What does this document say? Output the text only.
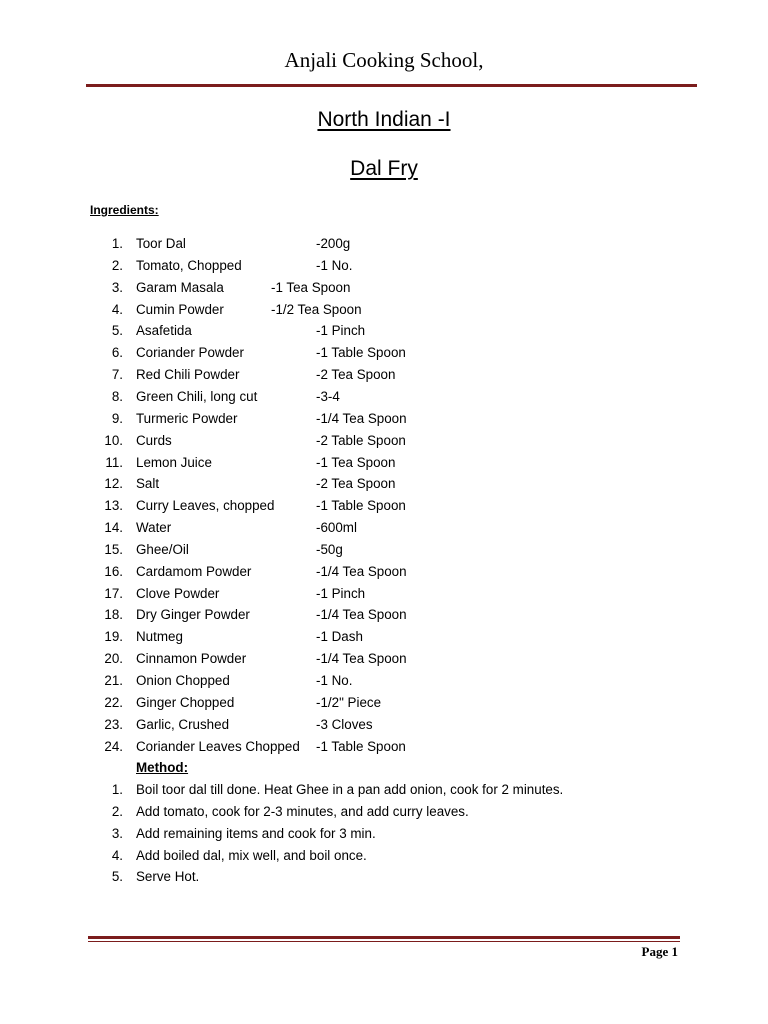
Anjali Cooking School,
North Indian -I
Dal Fry
Ingredients:
1. Toor Dal	-200g
2. Tomato, Chopped	-1 No.
3. Garam Masala	-1 Tea Spoon
4. Cumin Powder	-1/2 Tea Spoon
5. Asafetida	-1 Pinch
6. Coriander Powder	-1 Table Spoon
7. Red Chili Powder	-2 Tea Spoon
8. Green Chili, long cut	-3-4
9. Turmeric Powder	-1/4 Tea Spoon
10. Curds	-2 Table Spoon
11. Lemon Juice	-1 Tea Spoon
12. Salt	-2 Tea Spoon
13. Curry Leaves, chopped	-1 Table Spoon
14. Water	-600ml
15. Ghee/Oil	-50g
16. Cardamom Powder	-1/4 Tea Spoon
17. Clove Powder	-1 Pinch
18. Dry Ginger Powder	-1/4 Tea Spoon
19. Nutmeg	-1 Dash
20. Cinnamon Powder	-1/4 Tea Spoon
21. Onion Chopped	-1 No.
22. Ginger Chopped	-1/2" Piece
23. Garlic, Crushed	-3 Cloves
24. Coriander Leaves Chopped -1 Table Spoon
Method:
1. Boil toor dal till done. Heat Ghee in a pan add onion, cook for 2 minutes.
2. Add tomato, cook for 2-3 minutes, and add curry leaves.
3. Add remaining items and cook for 3 min.
4. Add boiled dal, mix well, and boil once.
5. Serve Hot.
Page 1
